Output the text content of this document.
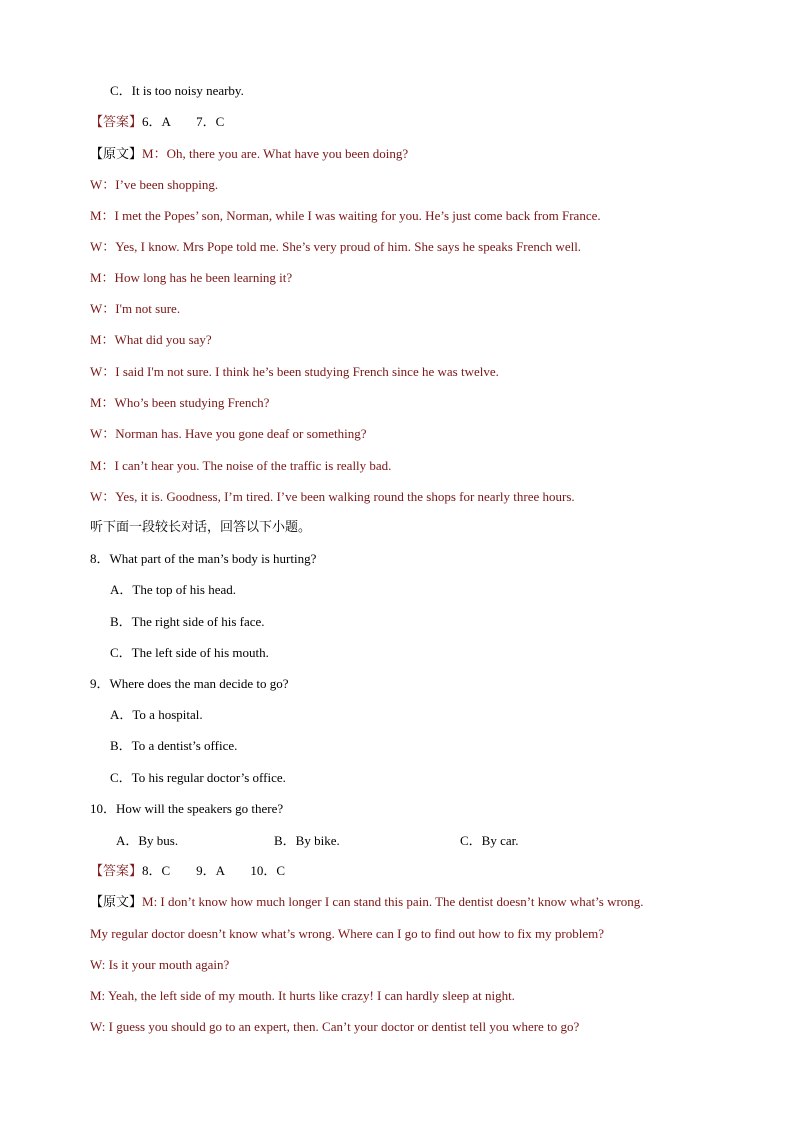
C．It is too noisy nearby.
【答案】6．A　　7．C
【原文】M：Oh, there you are. What have you been doing?
W：I’ve been shopping.
M：I met the Popes’ son, Norman, while I was waiting for you. He’s just come back from France.
W：Yes, I know. Mrs Pope told me. She’s very proud of him. She says he speaks French well.
M：How long has he been learning it?
W：I'm not sure.
M：What did you say?
W：I said I'm not sure. I think he’s been studying French since he was twelve.
M：Who’s been studying French?
W：Norman has. Have you gone deaf or something?
M：I can’t hear you. The noise of the traffic is really bad.
W：Yes, it is. Goodness, I’m tired. I’ve been walking round the shops for nearly three hours.
听下面一段较长对话，回答以下小题。
8．What part of the man’s body is hurting?
A．The top of his head.
B．The right side of his face.
C．The left side of his mouth.
9．Where does the man decide to go?
A．To a hospital.
B．To a dentist’s office.
C．To his regular doctor’s office.
10．How will the speakers go there?
A．By bus.	B．By bike.	C．By car.
【答案】8．C　　9．A　　10．C
【原文】M: I don’t know how much longer I can stand this pain. The dentist doesn’t know what’s wrong.
My regular doctor doesn’t know what’s wrong. Where can I go to find out how to fix my problem?
W: Is it your mouth again?
M: Yeah, the left side of my mouth. It hurts like crazy! I can hardly sleep at night.
W: I guess you should go to an expert, then. Can’t your doctor or dentist tell you where to go?
